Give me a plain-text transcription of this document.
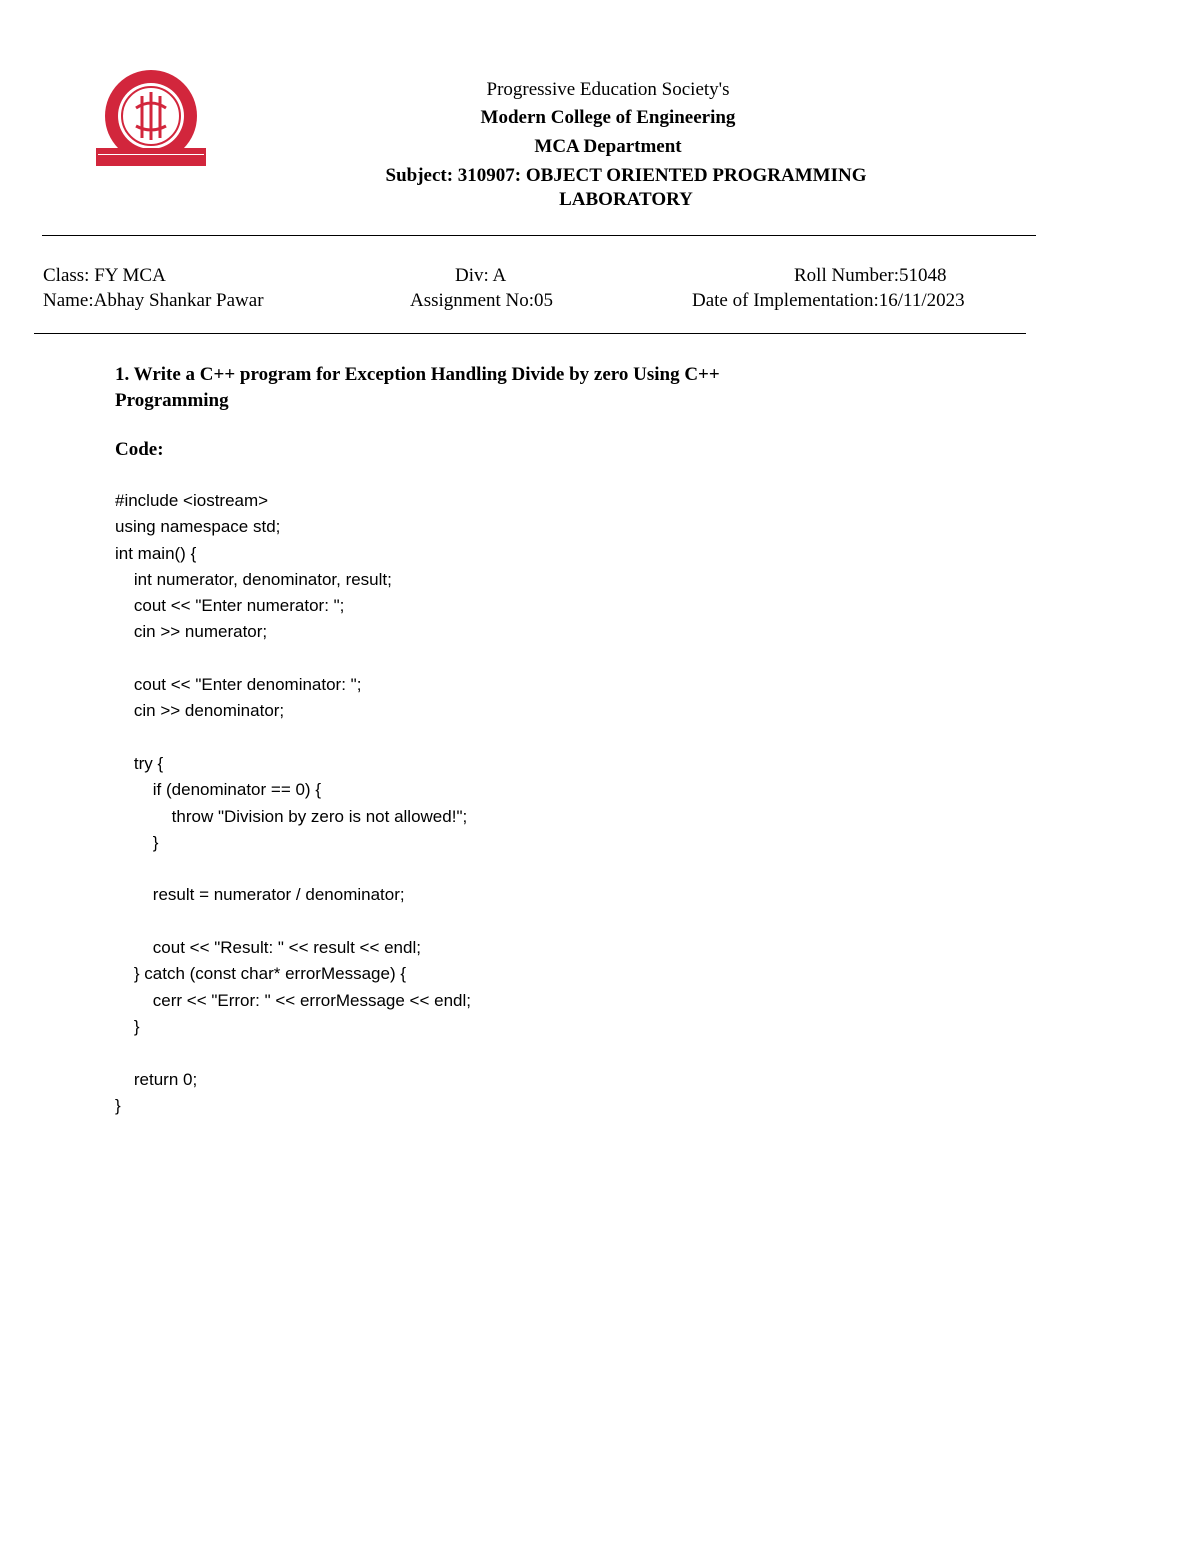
Progressive Education Society's
Modern College of Engineering
MCA Department
Subject: 310907: OBJECT ORIENTED PROGRAMMING
LABORATORY
Class: FY MCA	Div: A	Roll Number:51048
Name:Abhay Shankar Pawar	Assignment No:05	Date of Implementation:16/11/2023
1. Write a C++ program for Exception Handling Divide by zero Using C++
Programming
Code:
#include <iostream>
using namespace std;
int main() {
int numerator, denominator, result;
cout << "Enter numerator: ";
cin >> numerator;
cout << "Enter denominator: ";
cin >> denominator;
try {
if (denominator == 0) {
throw "Division by zero is not allowed!";
}
result = numerator / denominator;
cout << "Result: " << result << endl;
} catch (const char* errorMessage) {
cerr << "Error: " << errorMessage << endl;
}
return 0;
}
